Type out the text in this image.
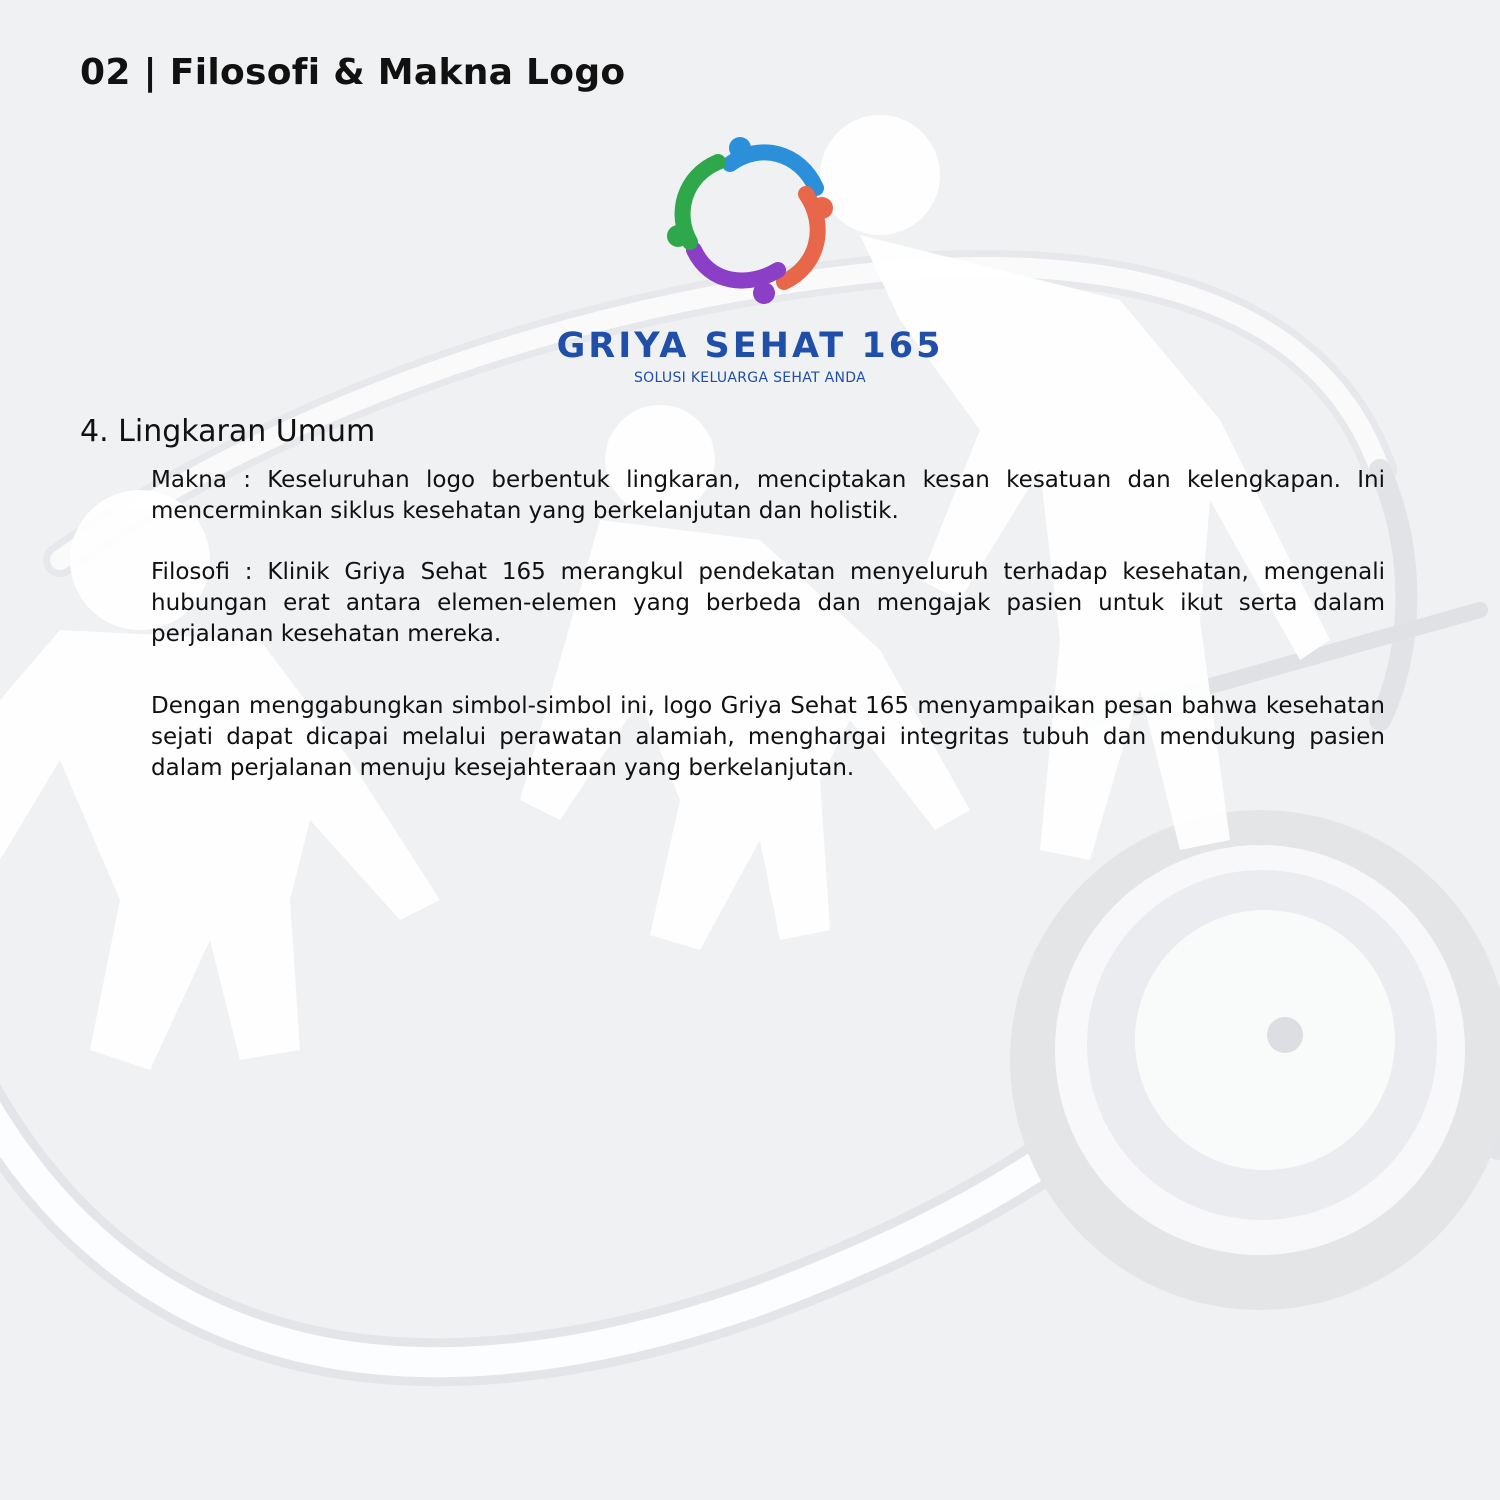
02 | Filosofi & Makna Logo
GRIYA SEHAT 165
SOLUSI KELUARGA SEHAT ANDA
4. Lingkaran Umum

Makna : Keseluruhan logo berbentuk lingkaran, menciptakan kesan kesatuan dan kelengkapan. Ini mencerminkan siklus kesehatan yang berkelanjutan dan holistik.

Filosofi : Klinik Griya Sehat 165 merangkul pendekatan menyeluruh terhadap kesehatan, mengenali hubungan erat antara elemen-elemen yang berbeda dan mengajak pasien untuk ikut serta dalam perjalanan kesehatan mereka.

Dengan menggabungkan simbol-simbol ini, logo Griya Sehat 165 menyampaikan pesan bahwa kesehatan sejati dapat dicapai melalui perawatan alamiah, menghargai integritas tubuh dan mendukung pasien dalam perjalanan menuju kesejahteraan yang berkelanjutan.
